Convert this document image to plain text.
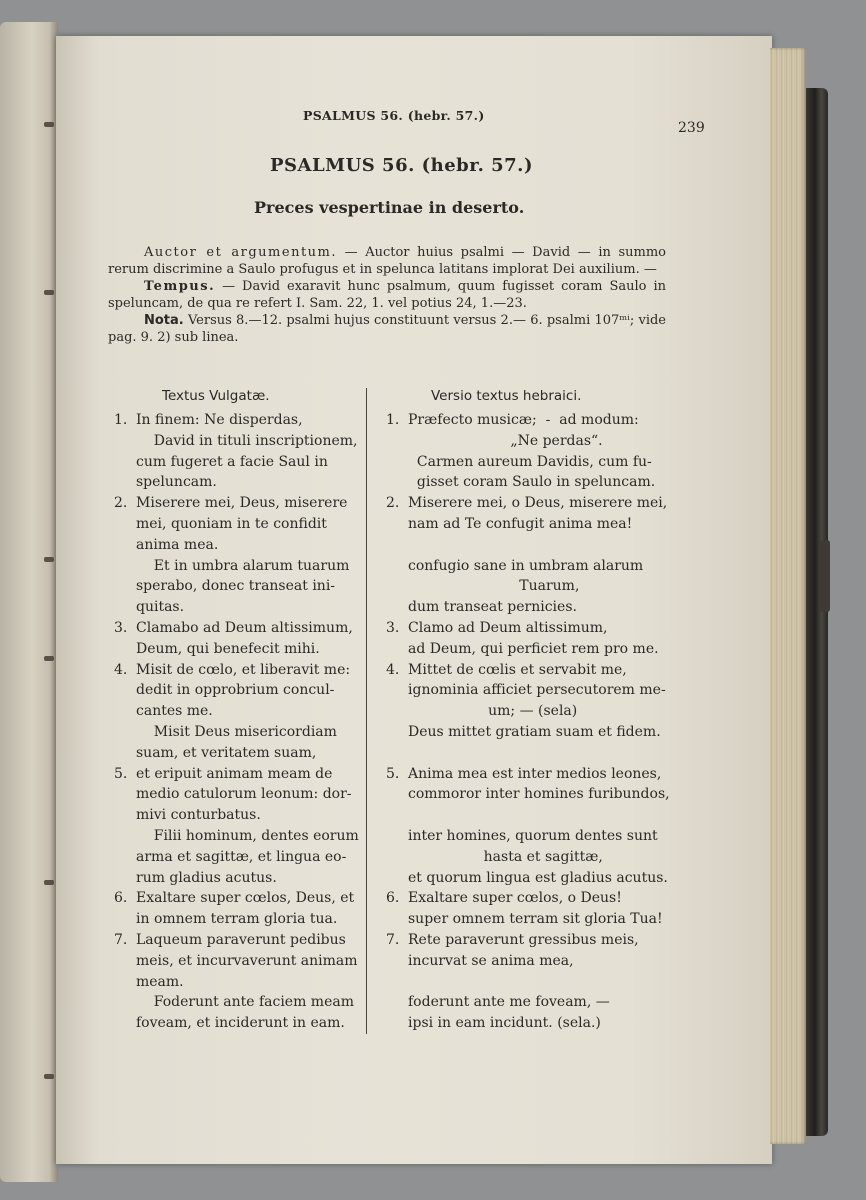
PSALMUS 56. (hebr. 57.)
239
PSALMUS 56. (hebr. 57.)
Preces vespertinae in deserto.

Auctor et argumentum. — Auctor huius psalmi — David — in summo rerum discrimine a Saulo profugus et in spelunca latitans implorat Dei auxilium. —

Tempus. — David exaravit hunc psalmum, quum fugisset coram Saulo in speluncam, de qua re refert I. Sam. 22, 1. vel potius 24, 1.—23.

Nota. Versus 8.—12. psalmi hujus constituunt versus 2.— 6. psalmi 107ᵐⁱ; vide pag. 9. 2) sub linea.

Textus Vulgatæ.	Versio textus hebraici.
1. In finem: Ne disperdas,
David in tituli inscriptionem,
cum fugeret a facie Saul in
speluncam.
2. Miserere mei, Deus, miserere
mei, quoniam in te confidit
anima mea.
Et in umbra alarum tuarum
sperabo, donec transeat ini-
quitas.
3. Clamabo ad Deum altissimum,
Deum, qui benefecit mihi.
4. Misit de cœlo, et liberavit me:
dedit in opprobrium concul-
cantes me.
Misit Deus misericordiam
suam, et veritatem suam,
5. et eripuit animam meam de
medio catulorum leonum: dor-
mivi conturbatus.
Filii hominum, dentes eorum
arma et sagittæ, et lingua eo-
rum gladius acutus.
6. Exaltare super cœlos, Deus, et
in omnem terram gloria tua.
7. Laqueum paraverunt pedibus
meis, et incurvaverunt animam
meam.
Foderunt ante faciem meam
foveam, et inciderunt in eam.
1. Præfecto musicæ;  -  ad modum:
„Ne perdas“.
Carmen aureum Davidis, cum fu-
gisset coram Saulo in speluncam.
2. Miserere mei, o Deus, miserere mei,
nam ad Te confugit anima mea!
confugio sane in umbram alarum
Tuarum,
dum transeat pernicies.
3. Clamo ad Deum altissimum,
ad Deum, qui perficiet rem pro me.
4. Mittet de cœlis et servabit me,
ignominia afficiet persecutorem me-
um; — (sela)
Deus mittet gratiam suam et fidem.
5. Anima mea est inter medios leones,
commoror inter homines furibundos,
inter homines, quorum dentes sunt
hasta et sagittæ,
et quorum lingua est gladius acutus.
6. Exaltare super cœlos, o Deus!
super omnem terram sit gloria Tua!
7. Rete paraverunt gressibus meis,
incurvat se anima mea,
foderunt ante me foveam, —
ipsi in eam incidunt. (sela.)
